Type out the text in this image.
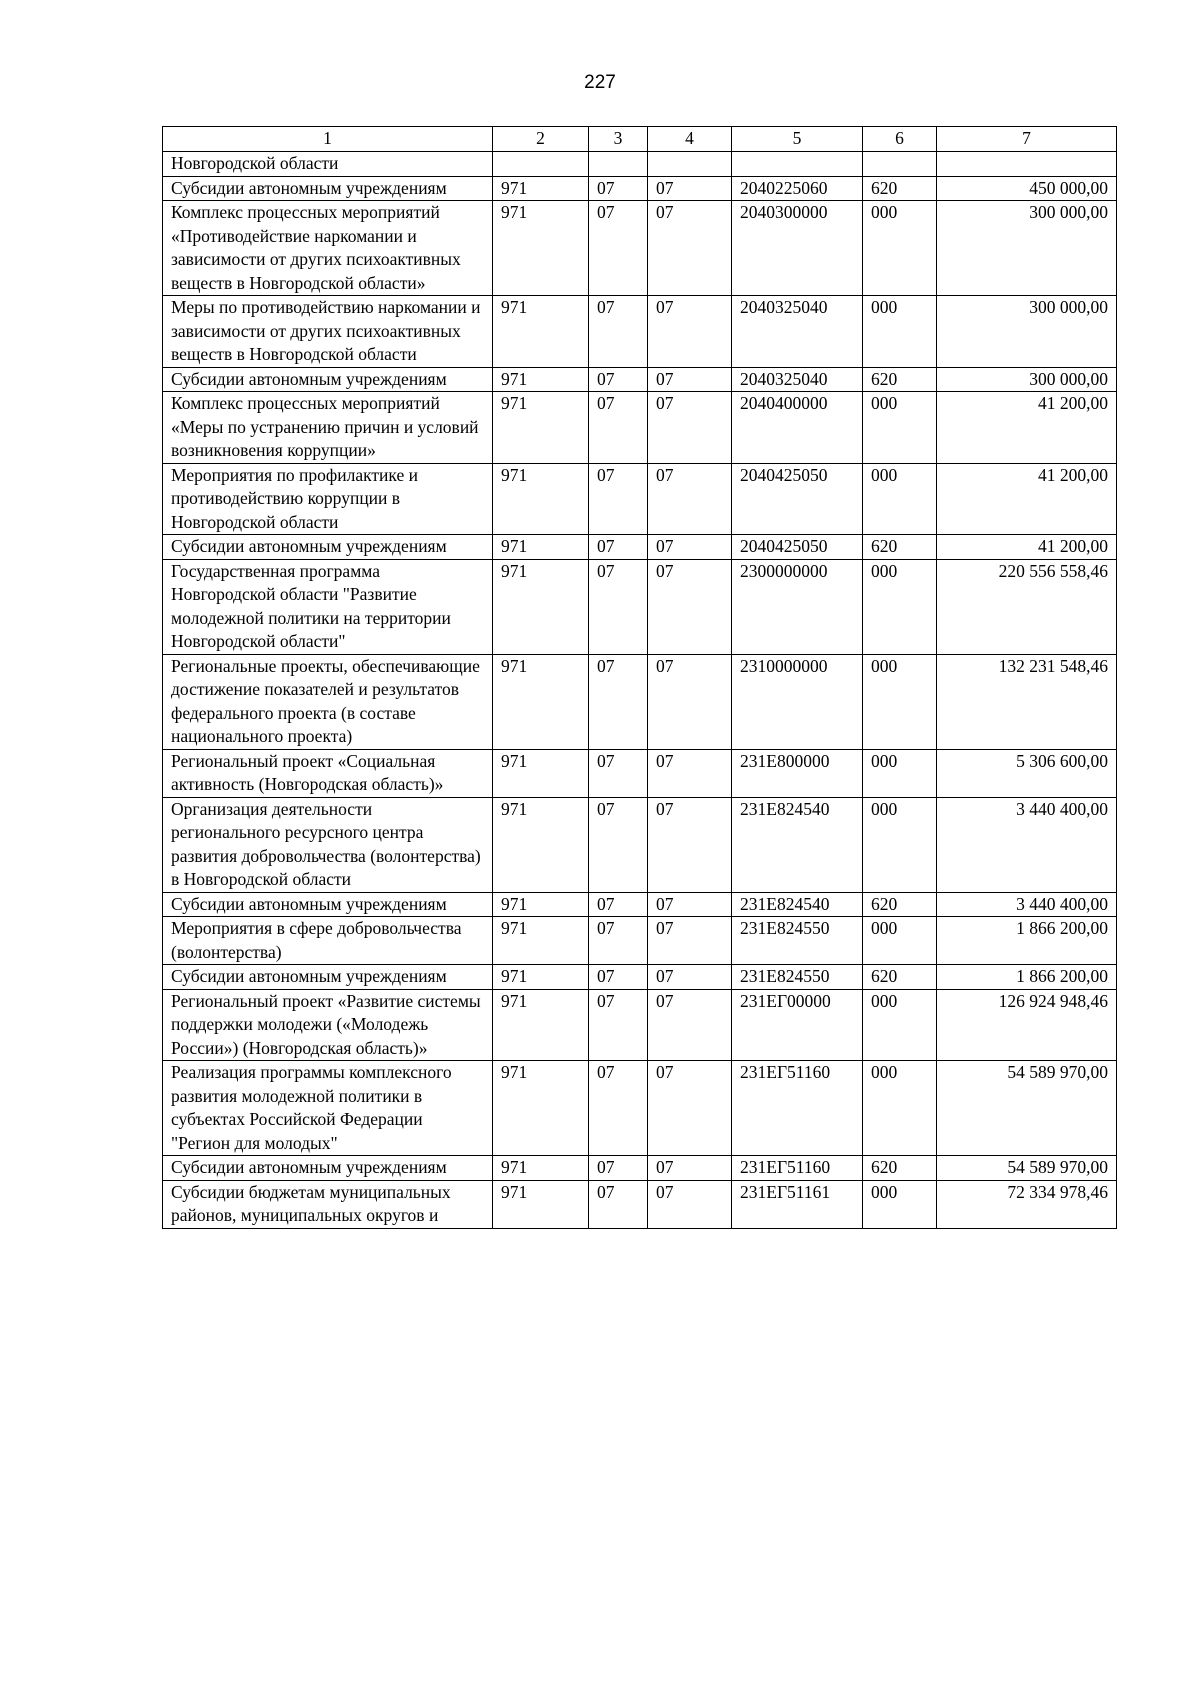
227
1	2	3	4	5	6	7
Новгородской области						
Субсидии автономным учреждениям	971	07	07	2040225060	620	450 000,00
Комплекс процессных мероприятий «Противодействие наркомании и зависимости от других психоактивных веществ в Новгородской области»	971	07	07	2040300000	000	300 000,00
Меры по противодействию наркомании и зависимости от других психоактивных веществ в Новгородской области	971	07	07	2040325040	000	300 000,00
Субсидии автономным учреждениям	971	07	07	2040325040	620	300 000,00
Комплекс процессных мероприятий «Меры по устранению причин и условий возникновения коррупции»	971	07	07	2040400000	000	41 200,00
Мероприятия по профилактике и противодействию коррупции в Новгородской области	971	07	07	2040425050	000	41 200,00
Субсидии автономным учреждениям	971	07	07	2040425050	620	41 200,00
Государственная программа Новгородской области "Развитие молодежной политики на территории Новгородской области"	971	07	07	2300000000	000	220 556 558,46
Региональные проекты, обеспечивающие достижение показателей и результатов федерального проекта (в составе национального проекта)	971	07	07	2310000000	000	132 231 548,46
Региональный проект «Социальная активность (Новгородская область)»	971	07	07	231Е800000	000	5 306 600,00
Организация деятельности регионального ресурсного центра развития добровольчества (волонтерства) в Новгородской области	971	07	07	231Е824540	000	3 440 400,00
Субсидии автономным учреждениям	971	07	07	231Е824540	620	3 440 400,00
Мероприятия в сфере добровольчества (волонтерства)	971	07	07	231Е824550	000	1 866 200,00
Субсидии автономным учреждениям	971	07	07	231Е824550	620	1 866 200,00
Региональный проект «Развитие системы поддержки молодежи («Молодежь России») (Новгородская область)»	971	07	07	231ЕГ00000	000	126 924 948,46
Реализация программы комплексного развития молодежной политики в субъектах Российской Федерации "Регион для молодых"	971	07	07	231ЕГ51160	000	54 589 970,00
Субсидии автономным учреждениям	971	07	07	231ЕГ51160	620	54 589 970,00
Субсидии бюджетам муниципальных районов, муниципальных округов и	971	07	07	231ЕГ51161	000	72 334 978,46
